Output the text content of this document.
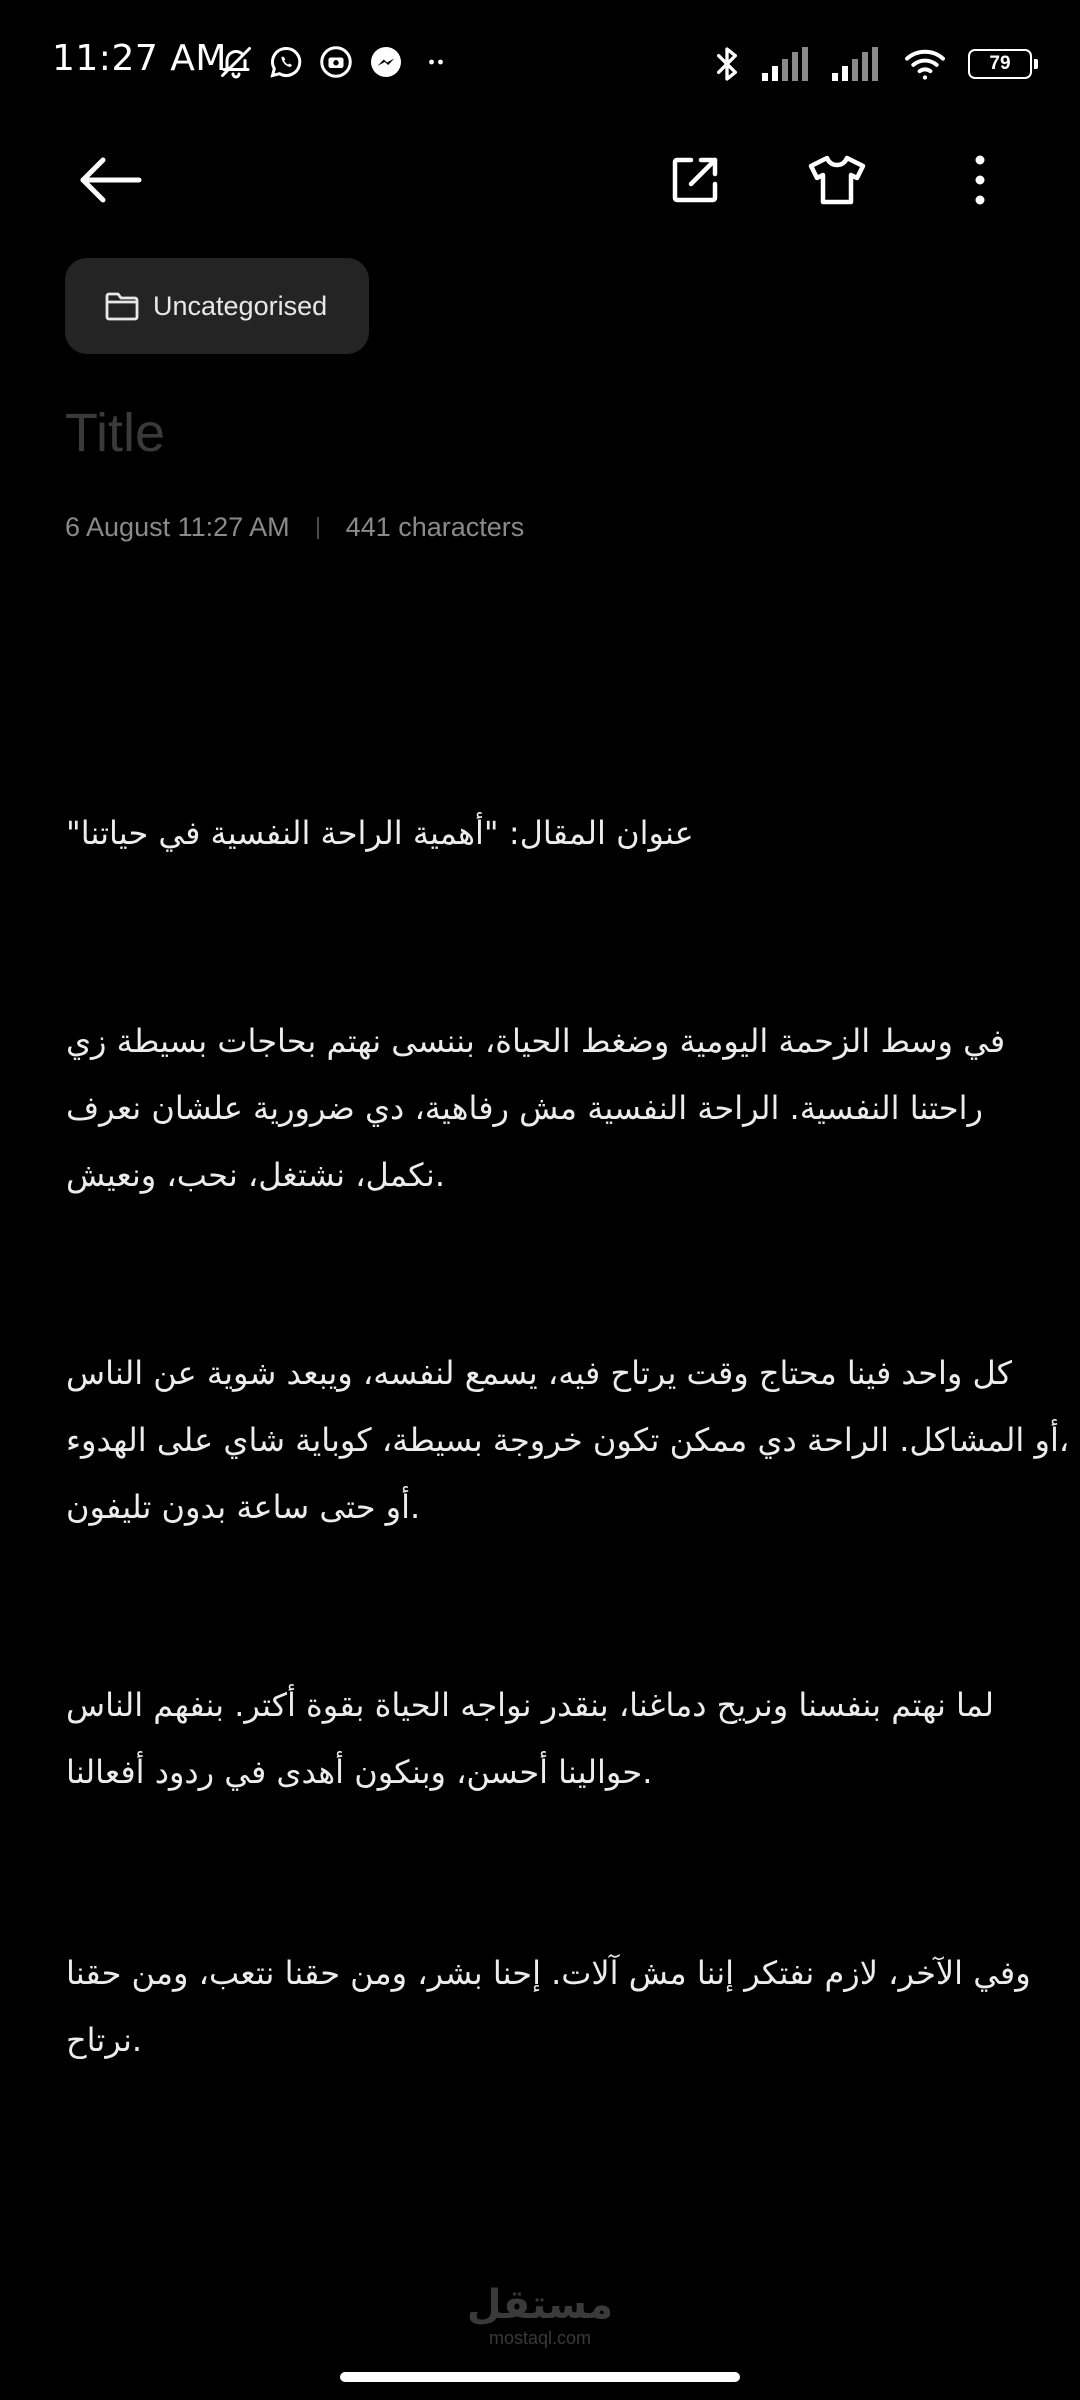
11:27 AM	79
Uncategorised
Title
6 August 11:27 AM 441 characters

"عنوان المقال: "أهمية الراحة النفسية في حياتنا

في وسط الزحمة اليومية وضغط الحياة، بننسى نهتم بحاجات بسيطة زي
راحتنا النفسية. الراحة النفسية مش رفاهية، دي ضرورية علشان نعرف
نكمل، نشتغل، نحب، ونعيش.

كل واحد فينا محتاج وقت يرتاح فيه، يسمع لنفسه، ويبعد شوية عن الناس
أو المشاكل. الراحة دي ممكن تكون خروجة بسيطة، كوباية شاي على الهدوء،
أو حتى ساعة بدون تليفون.

لما نهتم بنفسنا ونريح دماغنا، بنقدر نواجه الحياة بقوة أكتر. بنفهم الناس
حوالينا أحسن، وبنكون أهدى في ردود أفعالنا.

وفي الآخر، لازم نفتكر إننا مش آلات. إحنا بشر، ومن حقنا نتعب، ومن حقنا
نرتاح.

مستقل
mostaql.com
